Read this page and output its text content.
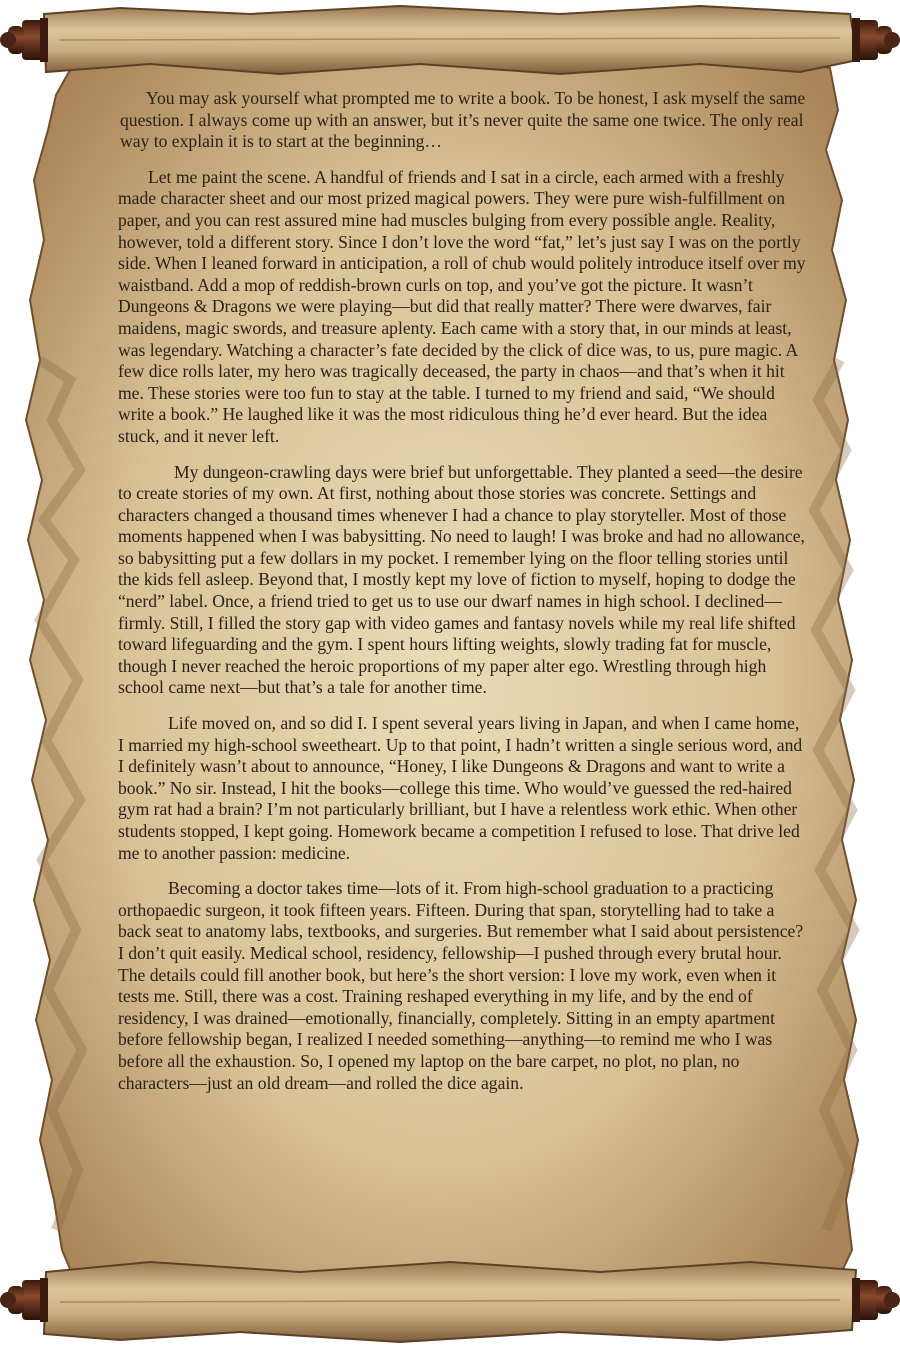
You may ask yourself what prompted me to write a book. To be honest, I ask myself the same question. I always come up with an answer, but it’s never quite the same one twice. The only real way to explain it is to start at the beginning…

Let me paint the scene. A handful of friends and I sat in a circle, each armed with a freshly made character sheet and our most prized magical powers. They were pure wish-fulfillment on paper, and you can rest assured mine had muscles bulging from every possible angle. Reality, however, told a different story. Since I don’t love the word “fat,” let’s just say I was on the portly side. When I leaned forward in anticipation, a roll of chub would politely introduce itself over my waistband. Add a mop of reddish-brown curls on top, and you’ve got the picture. It wasn’t Dungeons & Dragons we were playing—but did that really matter? There were dwarves, fair maidens, magic swords, and treasure aplenty. Each came with a story that, in our minds at least, was legendary. Watching a character’s fate decided by the click of dice was, to us, pure magic. A few dice rolls later, my hero was tragically deceased, the party in chaos—and that’s when it hit me. These stories were too fun to stay at the table. I turned to my friend and said, “We should write a book.” He laughed like it was the most ridiculous thing he’d ever heard. But the idea stuck, and it never left.

My dungeon-crawling days were brief but unforgettable. They planted a seed—the desire to create stories of my own. At first, nothing about those stories was concrete. Settings and characters changed a thousand times whenever I had a chance to play storyteller. Most of those moments happened when I was babysitting. No need to laugh! I was broke and had no allowance, so babysitting put a few dollars in my pocket. I remember lying on the floor telling stories until the kids fell asleep. Beyond that, I mostly kept my love of fiction to myself, hoping to dodge the “nerd” label. Once, a friend tried to get us to use our dwarf names in high school. I declined—firmly. Still, I filled the story gap with video games and fantasy novels while my real life shifted toward lifeguarding and the gym. I spent hours lifting weights, slowly trading fat for muscle, though I never reached the heroic proportions of my paper alter ego. Wrestling through high school came next—but that’s a tale for another time.

Life moved on, and so did I. I spent several years living in Japan, and when I came home, I married my high-school sweetheart. Up to that point, I hadn’t written a single serious word, and I definitely wasn’t about to announce, “Honey, I like Dungeons & Dragons and want to write a book.” No sir. Instead, I hit the books—college this time. Who would’ve guessed the red-haired gym rat had a brain? I’m not particularly brilliant, but I have a relentless work ethic. When other students stopped, I kept going. Homework became a competition I refused to lose. That drive led me to another passion: medicine.

Becoming a doctor takes time—lots of it. From high-school graduation to a practicing orthopaedic surgeon, it took fifteen years. Fifteen. During that span, storytelling had to take a back seat to anatomy labs, textbooks, and surgeries. But remember what I said about persistence? I don’t quit easily. Medical school, residency, fellowship—I pushed through every brutal hour. The details could fill another book, but here’s the short version: I love my work, even when it tests me. Still, there was a cost. Training reshaped everything in my life, and by the end of residency, I was drained—emotionally, financially, completely. Sitting in an empty apartment before fellowship began, I realized I needed something—anything—to remind me who I was before all the exhaustion. So, I opened my laptop on the bare carpet, no plot, no plan, no characters—just an old dream—and rolled the dice again.
